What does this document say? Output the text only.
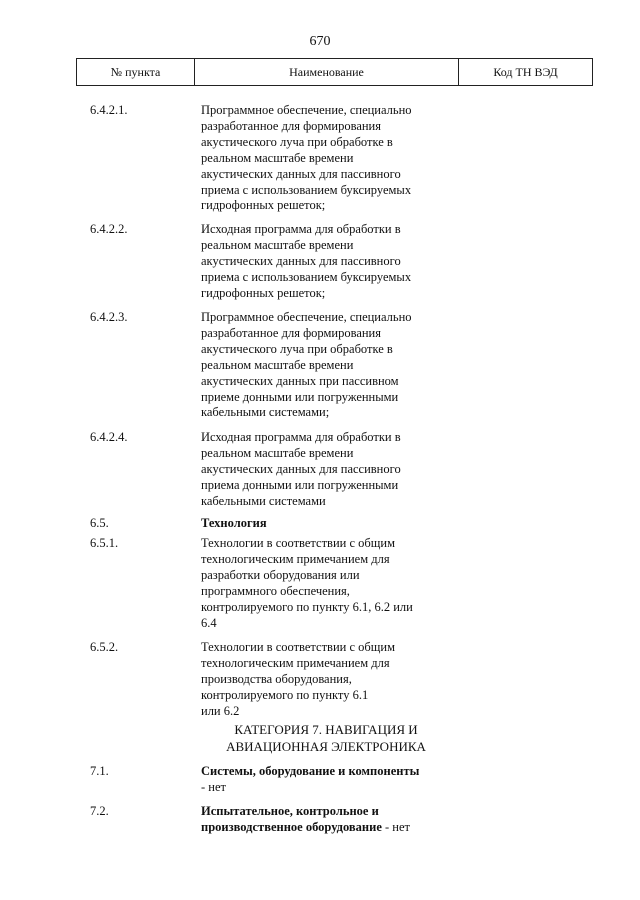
670
№ пункта	Наименование	Код ТН ВЭД
6.4.2.1.	Программное обеспечение, специально
разработанное для формирования
акустического луча при обработке в
реальном масштабе времени
акустических данных для пассивного
приема с использованием буксируемых
гидрофонных решеток;
6.4.2.2.	Исходная программа для обработки в
реальном масштабе времени
акустических данных для пассивного
приема с использованием буксируемых
гидрофонных решеток;
6.4.2.3.	Программное обеспечение, специально
разработанное для формирования
акустического луча при обработке в
реальном масштабе времени
акустических данных при пассивном
приеме донными или погруженными
кабельными системами;
6.4.2.4.	Исходная программа для обработки в
реальном масштабе времени
акустических данных для пассивного
приема донными или погруженными
кабельными системами
6.5.	Технология
6.5.1.	Технологии в соответствии с общим
технологическим примечанием для
разработки оборудования или
программного обеспечения,
контролируемого по пункту 6.1, 6.2 или
6.4
6.5.2.	Технологии в соответствии с общим
технологическим примечанием для
производства оборудования,
контролируемого по пункту 6.1
или 6.2
КАТЕГОРИЯ 7. НАВИГАЦИЯ И
АВИАЦИОННАЯ ЭЛЕКТРОНИКА
7.1.	Системы, оборудование и компоненты
- нет
7.2.	Испытательное, контрольное и
производственное оборудование - нет
